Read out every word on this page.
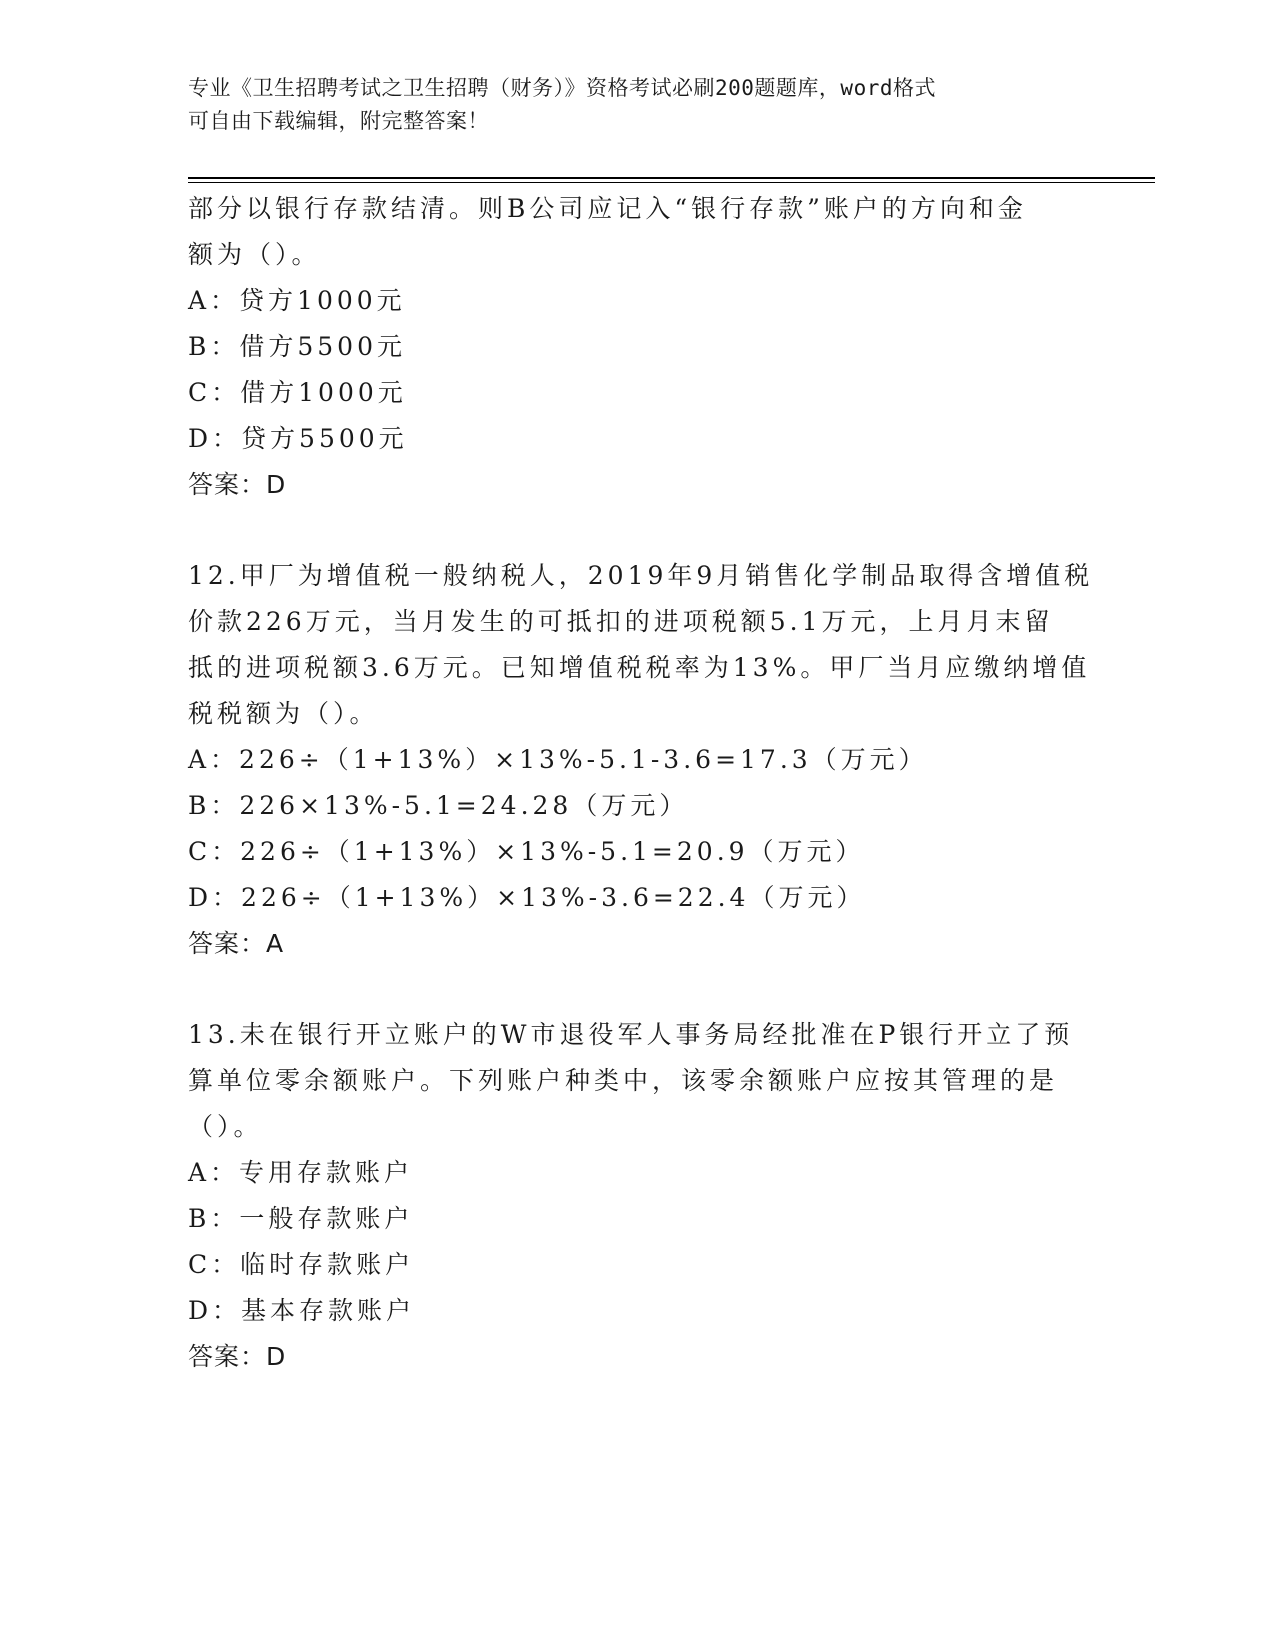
专业《卫生招聘考试之卫生招聘（财务）》资格考试必刷200题题库，word格式
可自由下载编辑，附完整答案！
部分以银行存款结清。则B公司应记入“银行存款”账户的方向和金
额为（）。
A：贷方1000元
B：借方5500元
C：借方1000元
D：贷方5500元
答案：D
12.甲厂为增值税一般纳税人，2019年9月销售化学制品取得含增值税
价款226万元，当月发生的可抵扣的进项税额5.1万元，上月月末留
抵的进项税额3.6万元。已知增值税税率为13%。甲厂当月应缴纳增值
税税额为（）。
A：226÷（1+13%）×13%-5.1-3.6=17.3（万元）
B：226×13%-5.1=24.28（万元）
C：226÷（1+13%）×13%-5.1=20.9（万元）
D：226÷（1+13%）×13%-3.6=22.4（万元）
答案：A
13.未在银行开立账户的W市退役军人事务局经批准在P银行开立了预
算单位零余额账户。下列账户种类中，该零余额账户应按其管理的是
（）。
A：专用存款账户
B：一般存款账户
C：临时存款账户
D：基本存款账户
答案：D
